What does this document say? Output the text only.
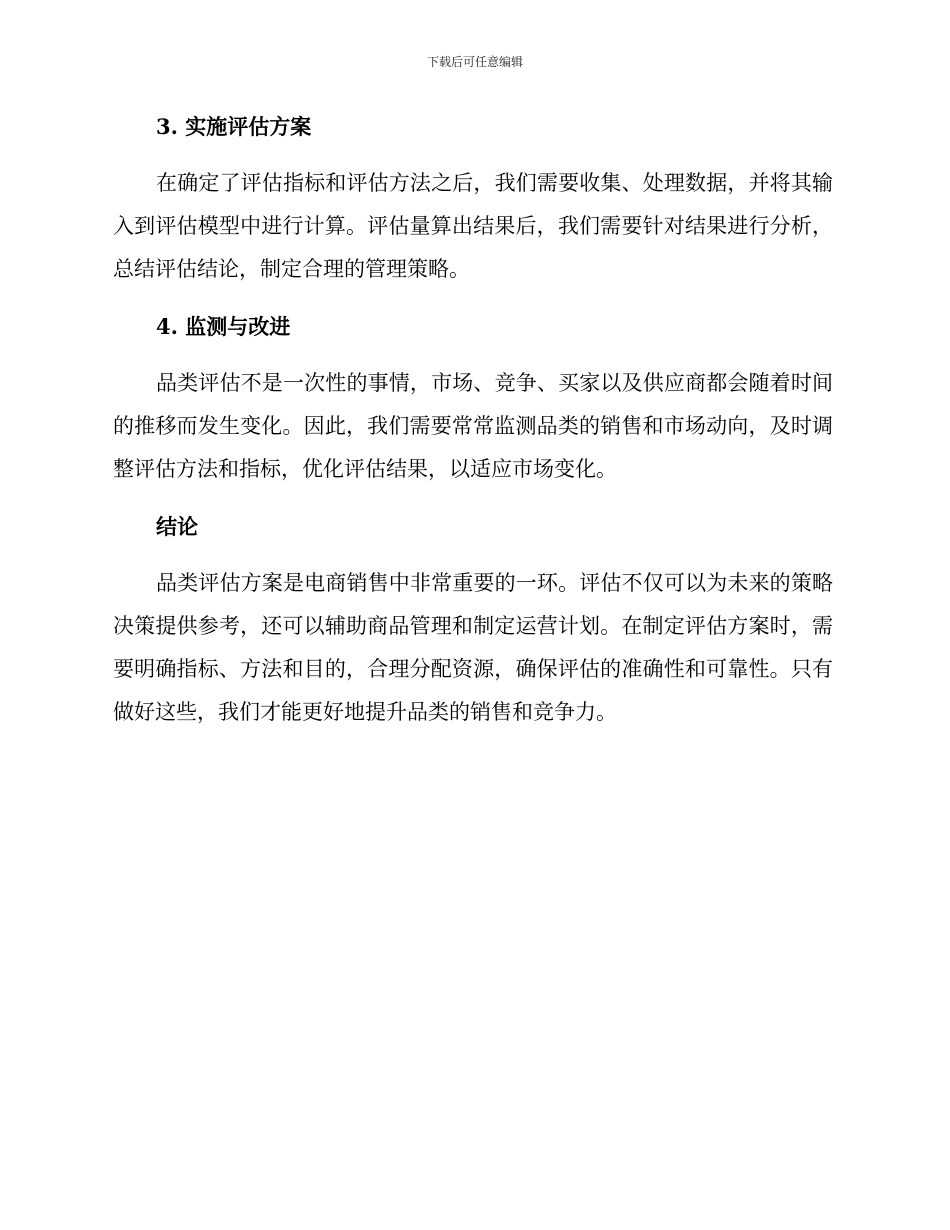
下载后可任意编辑
3. 实施评估方案

在确定了评估指标和评估方法之后，我们需要收集、处理数据，并将其输入到评估模型中进行计算。评估量算出结果后，我们需要针对结果进行分析，总结评估结论，制定合理的管理策略。

4. 监测与改进

品类评估不是一次性的事情，市场、竞争、买家以及供应商都会随着时间的推移而发生变化。因此，我们需要常常监测品类的销售和市场动向，及时调整评估方法和指标，优化评估结果，以适应市场变化。

结论

品类评估方案是电商销售中非常重要的一环。评估不仅可以为未来的策略决策提供参考，还可以辅助商品管理和制定运营计划。在制定评估方案时，需要明确指标、方法和目的，合理分配资源，确保评估的准确性和可靠性。只有做好这些，我们才能更好地提升品类的销售和竞争力。
